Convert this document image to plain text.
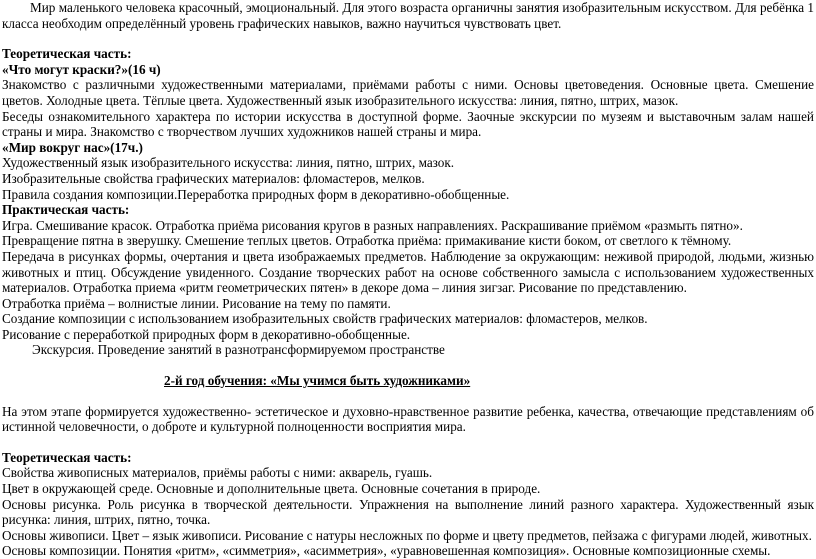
Мир маленького человека красочный, эмоциональный. Для этого возраста органичны занятия изобразительным искусством. Для ребёнка 1 класса необходим определённый уровень графических навыков, важно научиться чувствовать цвет.

Теоретическая часть:

«Что могут краски?»(16 ч)

Знакомство с различными художественными материалами, приёмами работы с ними. Основы цветоведения. Основные цвета. Смешение цветов. Холодные цвета. Тёплые цвета. Художественный язык изобразительного искусства: линия, пятно, штрих, мазок.

Беседы ознакомительного характера по истории искусства в доступной форме. Заочные экскурсии по музеям и выставочным залам нашей страны и мира. Знакомство с творчеством лучших художников нашей страны и мира.

«Мир вокруг нас»(17ч.)

Художественный язык изобразительного искусства: линия, пятно, штрих, мазок.

Изобразительные свойства графических материалов: фломастеров, мелков.

Правила создания композиции.Переработка природных форм в декоративно-обобщенные.

Практическая часть:

Игра. Смешивание красок. Отработка приёма рисования кругов в разных направлениях. Раскрашивание приёмом «размыть пятно».

Превращение пятна в зверушку. Смешение теплых цветов. Отработка приёма: примакивание кисти боком, от светлого к тёмному.

Передача в рисунках формы, очертания и цвета изображаемых предметов. Наблюдение за окружающим: неживой природой, людьми, жизнью животных и птиц. Обсуждение увиденного. Создание творческих работ на основе собственного замысла с использованием художественных материалов. Отработка приема «ритм геометрических пятен» в декоре дома – линия зигзаг. Рисование по представлению.

Отработка приёма – волнистые линии. Рисование на тему по памяти.

Создание композиции с использованием изобразительных свойств графических материалов: фломастеров, мелков.

Рисование с переработкой природных форм в декоративно-обобщенные.

Экскурсия. Проведение занятий в разнотрансформируемом пространстве

2-й год обучения: «Мы учимся быть художниками»

На этом этапе формируется художественно- эстетическое и духовно-нравственное развитие ребенка, качества, отвечающие представлениям об истинной человечности, о доброте и культурной полноценности восприятия мира.

Теоретическая часть:

Свойства живописных материалов, приёмы работы с ними: акварель, гуашь.

Цвет в окружающей среде. Основные и дополнительные цвета. Основные сочетания в природе.

Основы рисунка. Роль рисунка в творческой деятельности. Упражнения на выполнение линий разного характера. Художественный язык рисунка: линия, штрих, пятно, точка.

Основы живописи. Цвет – язык живописи. Рисование с натуры несложных по форме и цвету предметов, пейзажа с фигурами людей, животных.

Основы композиции. Понятия «ритм», «симметрия», «асимметрия», «уравновешенная композиция». Основные композиционные схемы.
